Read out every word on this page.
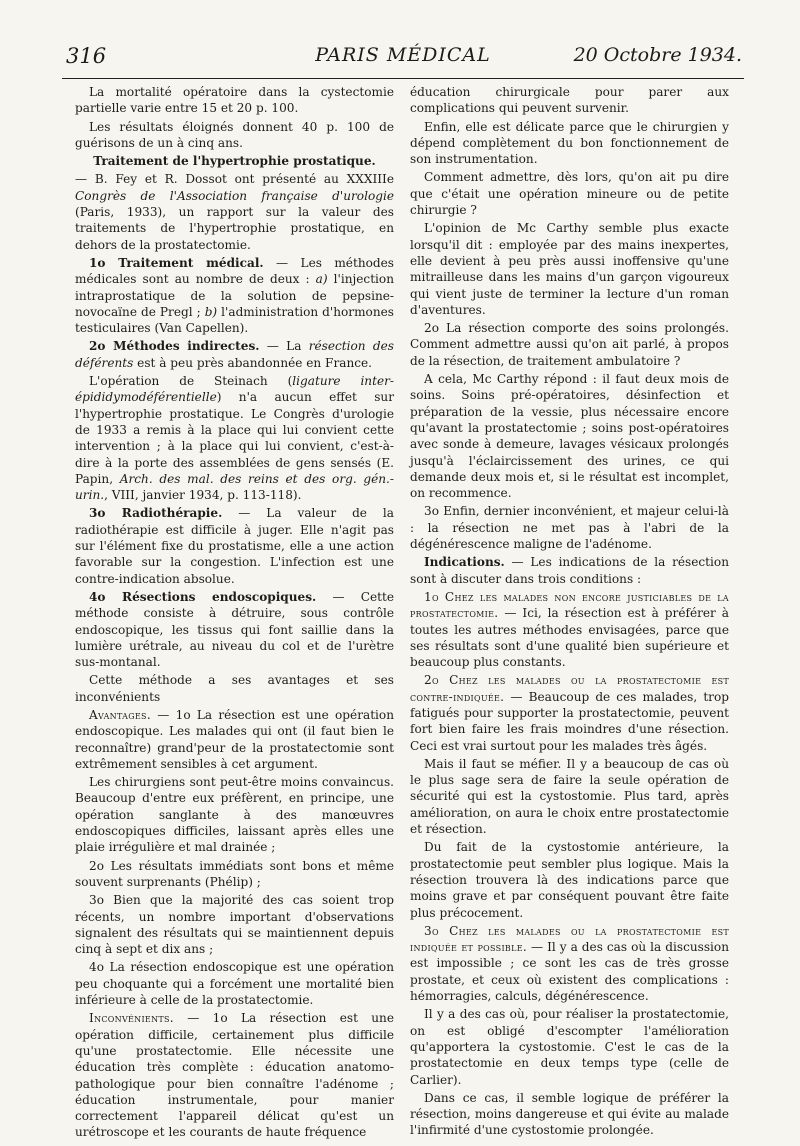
316	PARIS MÉDICAL	20 Octobre 1934.

La mortalité opératoire dans la cystectomie partielle varie entre 15 et 20 p. 100.

Les résultats éloignés donnent 40 p. 100 de guérisons de un à cinq ans.

Traitement de l'hypertrophie prostatique.

— B. Fey et R. Dossot ont présenté au XXXIIIe Congrès de l'Association française d'urologie (Paris, 1933), un rapport sur la valeur des traitements de l'hypertrophie prostatique, en dehors de la prostatectomie.

1o Traitement médical. — Les méthodes médicales sont au nombre de deux : a) l'injection intraprostatique de la solution de pepsine-novocaïne de Pregl ; b) l'administration d'hormones testiculaires (Van Capellen).

2o Méthodes indirectes. — La résection des déférents est à peu près abandonnée en France.

L'opération de Steinach (ligature inter-épididymodéférentielle) n'a aucun effet sur l'hypertrophie prostatique. Le Congrès d'urologie de 1933 a remis à la place qui lui convient cette intervention ; à la place qui lui convient, c'est-à-dire à la porte des assemblées de gens sensés (E. Papin, Arch. des mal. des reins et des org. gén.-urin., VIII, janvier 1934, p. 113-118).

3o Radiothérapie. — La valeur de la radiothérapie est difficile à juger. Elle n'agit pas sur l'élément fixe du prostatisme, elle a une action favorable sur la congestion. L'infection est une contre-indication absolue.

4o Résections endoscopiques. — Cette méthode consiste à détruire, sous contrôle endoscopique, les tissus qui font saillie dans la lumière urétrale, au niveau du col et de l'urètre sus-montanal.

Cette méthode a ses avantages et ses inconvénients

Avantages. — 1o La résection est une opération endoscopique. Les malades qui ont (il faut bien le reconnaître) grand'peur de la prostatectomie sont extrêmement sensibles à cet argument.

Les chirurgiens sont peut-être moins convaincus. Beaucoup d'entre eux préfèrent, en principe, une opération sanglante à des manœuvres endoscopiques difficiles, laissant après elles une plaie irrégulière et mal drainée ;

2o Les résultats immédiats sont bons et même souvent surprenants (Phélip) ;

3o Bien que la majorité des cas soient trop récents, un nombre important d'observations signalent des résultats qui se maintiennent depuis cinq à sept et dix ans ;

4o La résection endoscopique est une opération peu choquante qui a forcément une mortalité bien inférieure à celle de la prostatectomie.

Inconvénients. — 1o La résection est une opération difficile, certainement plus difficile qu'une prostatectomie. Elle nécessite une éducation très complète : éducation anatomo-pathologique pour bien connaître l'adénome ; éducation instrumentale, pour manier correctement l'appareil délicat qu'est un urétroscope et les courants de haute fréquence

éducation chirurgicale pour parer aux complications qui peuvent survenir.

Enfin, elle est délicate parce que le chirurgien y dépend complètement du bon fonctionnement de son instrumentation.

Comment admettre, dès lors, qu'on ait pu dire que c'était une opération mineure ou de petite chirurgie ?

L'opinion de Mc Carthy semble plus exacte lorsqu'il dit : employée par des mains inexpertes, elle devient à peu près aussi inoffensive qu'une mitrailleuse dans les mains d'un garçon vigoureux qui vient juste de terminer la lecture d'un roman d'aventures.

2o La résection comporte des soins prolongés. Comment admettre aussi qu'on ait parlé, à propos de la résection, de traitement ambulatoire ?

A cela, Mc Carthy répond : il faut deux mois de soins. Soins pré-opératoires, désinfection et préparation de la vessie, plus nécessaire encore qu'avant la prostatectomie ; soins post-opératoires avec sonde à demeure, lavages vésicaux prolongés jusqu'à l'éclaircissement des urines, ce qui demande deux mois et, si le résultat est incomplet, on recommence.

3o Enfin, dernier inconvénient, et majeur celui-là : la résection ne met pas à l'abri de la dégénérescence maligne de l'adénome.

Indications. — Les indications de la résection sont à discuter dans trois conditions :

1o Chez les malades non encore justiciables de la prostatectomie. — Ici, la résection est à préférer à toutes les autres méthodes envisagées, parce que ses résultats sont d'une qualité bien supérieure et beaucoup plus constants.

2o Chez les malades ou la prostatectomie est contre-indiquée. — Beaucoup de ces malades, trop fatigués pour supporter la prostatectomie, peuvent fort bien faire les frais moindres d'une résection. Ceci est vrai surtout pour les malades très âgés.

Mais il faut se méfier. Il y a beaucoup de cas où le plus sage sera de faire la seule opération de sécurité qui est la cystostomie. Plus tard, après amélioration, on aura le choix entre prostatectomie et résection.

Du fait de la cystostomie antérieure, la prostatectomie peut sembler plus logique. Mais la résection trouvera là des indications parce que moins grave et par conséquent pouvant être faite plus précocement.

3o Chez les malades ou la prostatectomie est indiquée et possible. — Il y a des cas où la discussion est impossible ; ce sont les cas de très grosse prostate, et ceux où existent des complications : hémorragies, calculs, dégénérescence.

Il y a des cas où, pour réaliser la prostatectomie, on est obligé d'escompter l'amélioration qu'apportera la cystostomie. C'est le cas de la prostatectomie en deux temps type (celle de Carlier).

Dans ce cas, il semble logique de préférer la résection, moins dangereuse et qui évite au malade l'infirmité d'une cystostomie prolongée.
